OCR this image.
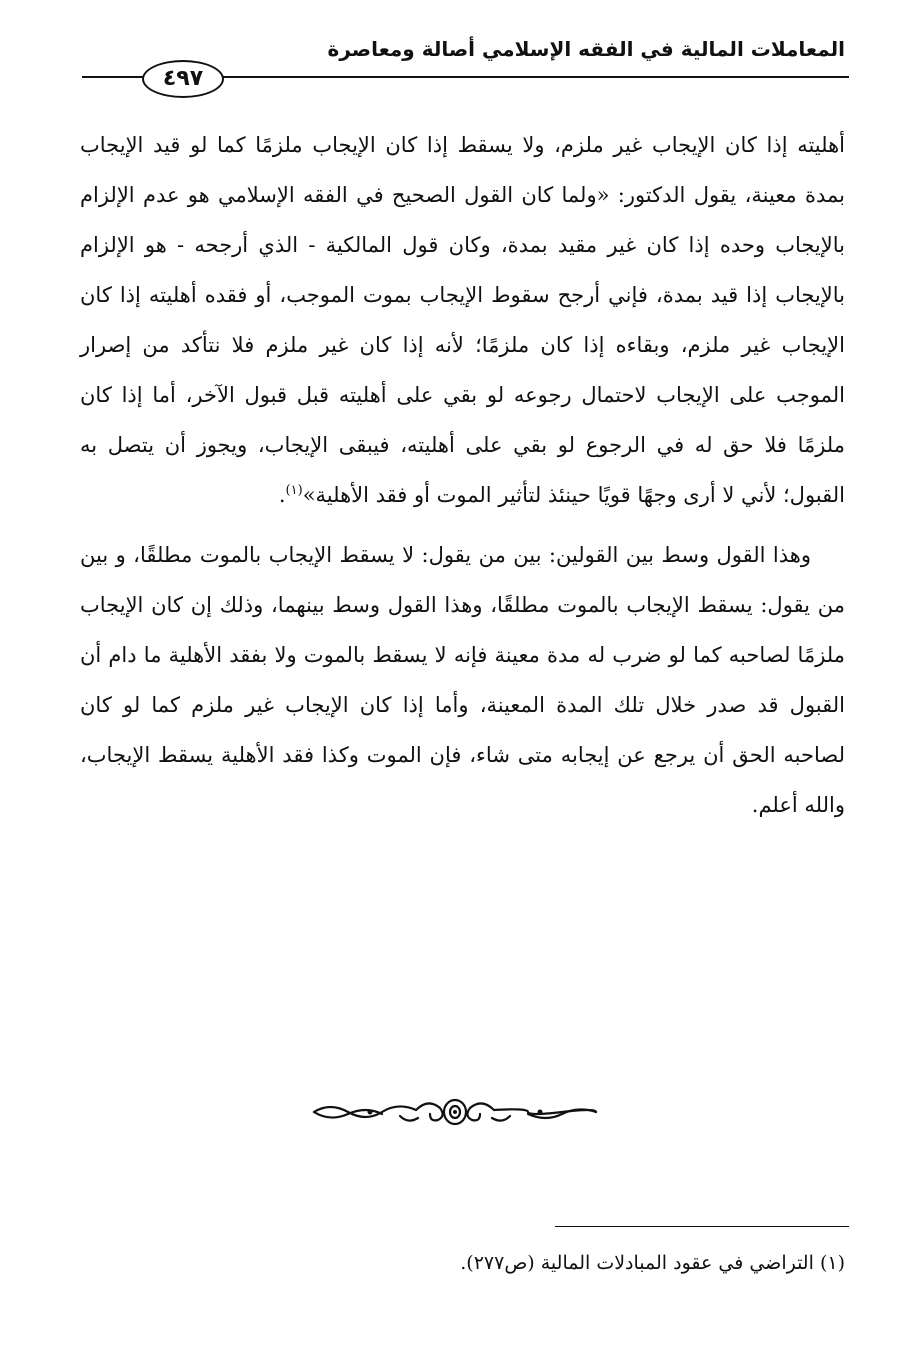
المعاملات المالية في الفقه الإسلامي أصالة ومعاصرة
٤٩٧

أهليته إذا كان الإيجاب غير ملزم، ولا يسقط إذا كان الإيجاب ملزمًا كما لو قيد الإيجاب بمدة معينة، يقول الدكتور: «ولما كان القول الصحيح في الفقه الإسلامي هو عدم الإلزام بالإيجاب وحده إذا كان غير مقيد بمدة، وكان قول المالكية - الذي أرجحه - هو الإلزام بالإيجاب إذا قيد بمدة، فإني أرجح سقوط الإيجاب بموت الموجب، أو فقده أهليته إذا كان الإيجاب غير ملزم، وبقاءه إذا كان ملزمًا؛ لأنه إذا كان غير ملزم فلا نتأكد من إصرار الموجب على الإيجاب لاحتمال رجوعه لو بقي على أهليته قبل قبول الآخر، أما إذا كان ملزمًا فلا حق له في الرجوع لو بقي على أهليته، فيبقى الإيجاب، ويجوز أن يتصل به القبول؛ لأني لا أرى وجهًا قويًا حينئذ لتأثير الموت أو فقد الأهلية»$^{(١)}$.

وهذا القول وسط بين القولين: بين من يقول: لا يسقط الإيجاب بالموت مطلقًا، و بين من يقول: يسقط الإيجاب بالموت مطلقًا، وهذا القول وسط بينهما، وذلك إن كان الإيجاب ملزمًا لصاحبه كما لو ضرب له مدة معينة فإنه لا يسقط بالموت ولا بفقد الأهلية ما دام أن القبول قد صدر خلال تلك المدة المعينة، وأما إذا كان الإيجاب غير ملزم كما لو كان لصاحبه الحق أن يرجع عن إيجابه متى شاء، فإن الموت وكذا فقد الأهلية يسقط الإيجاب، والله أعلم.

(١) التراضي في عقود المبادلات المالية (ص٢٧٧).
